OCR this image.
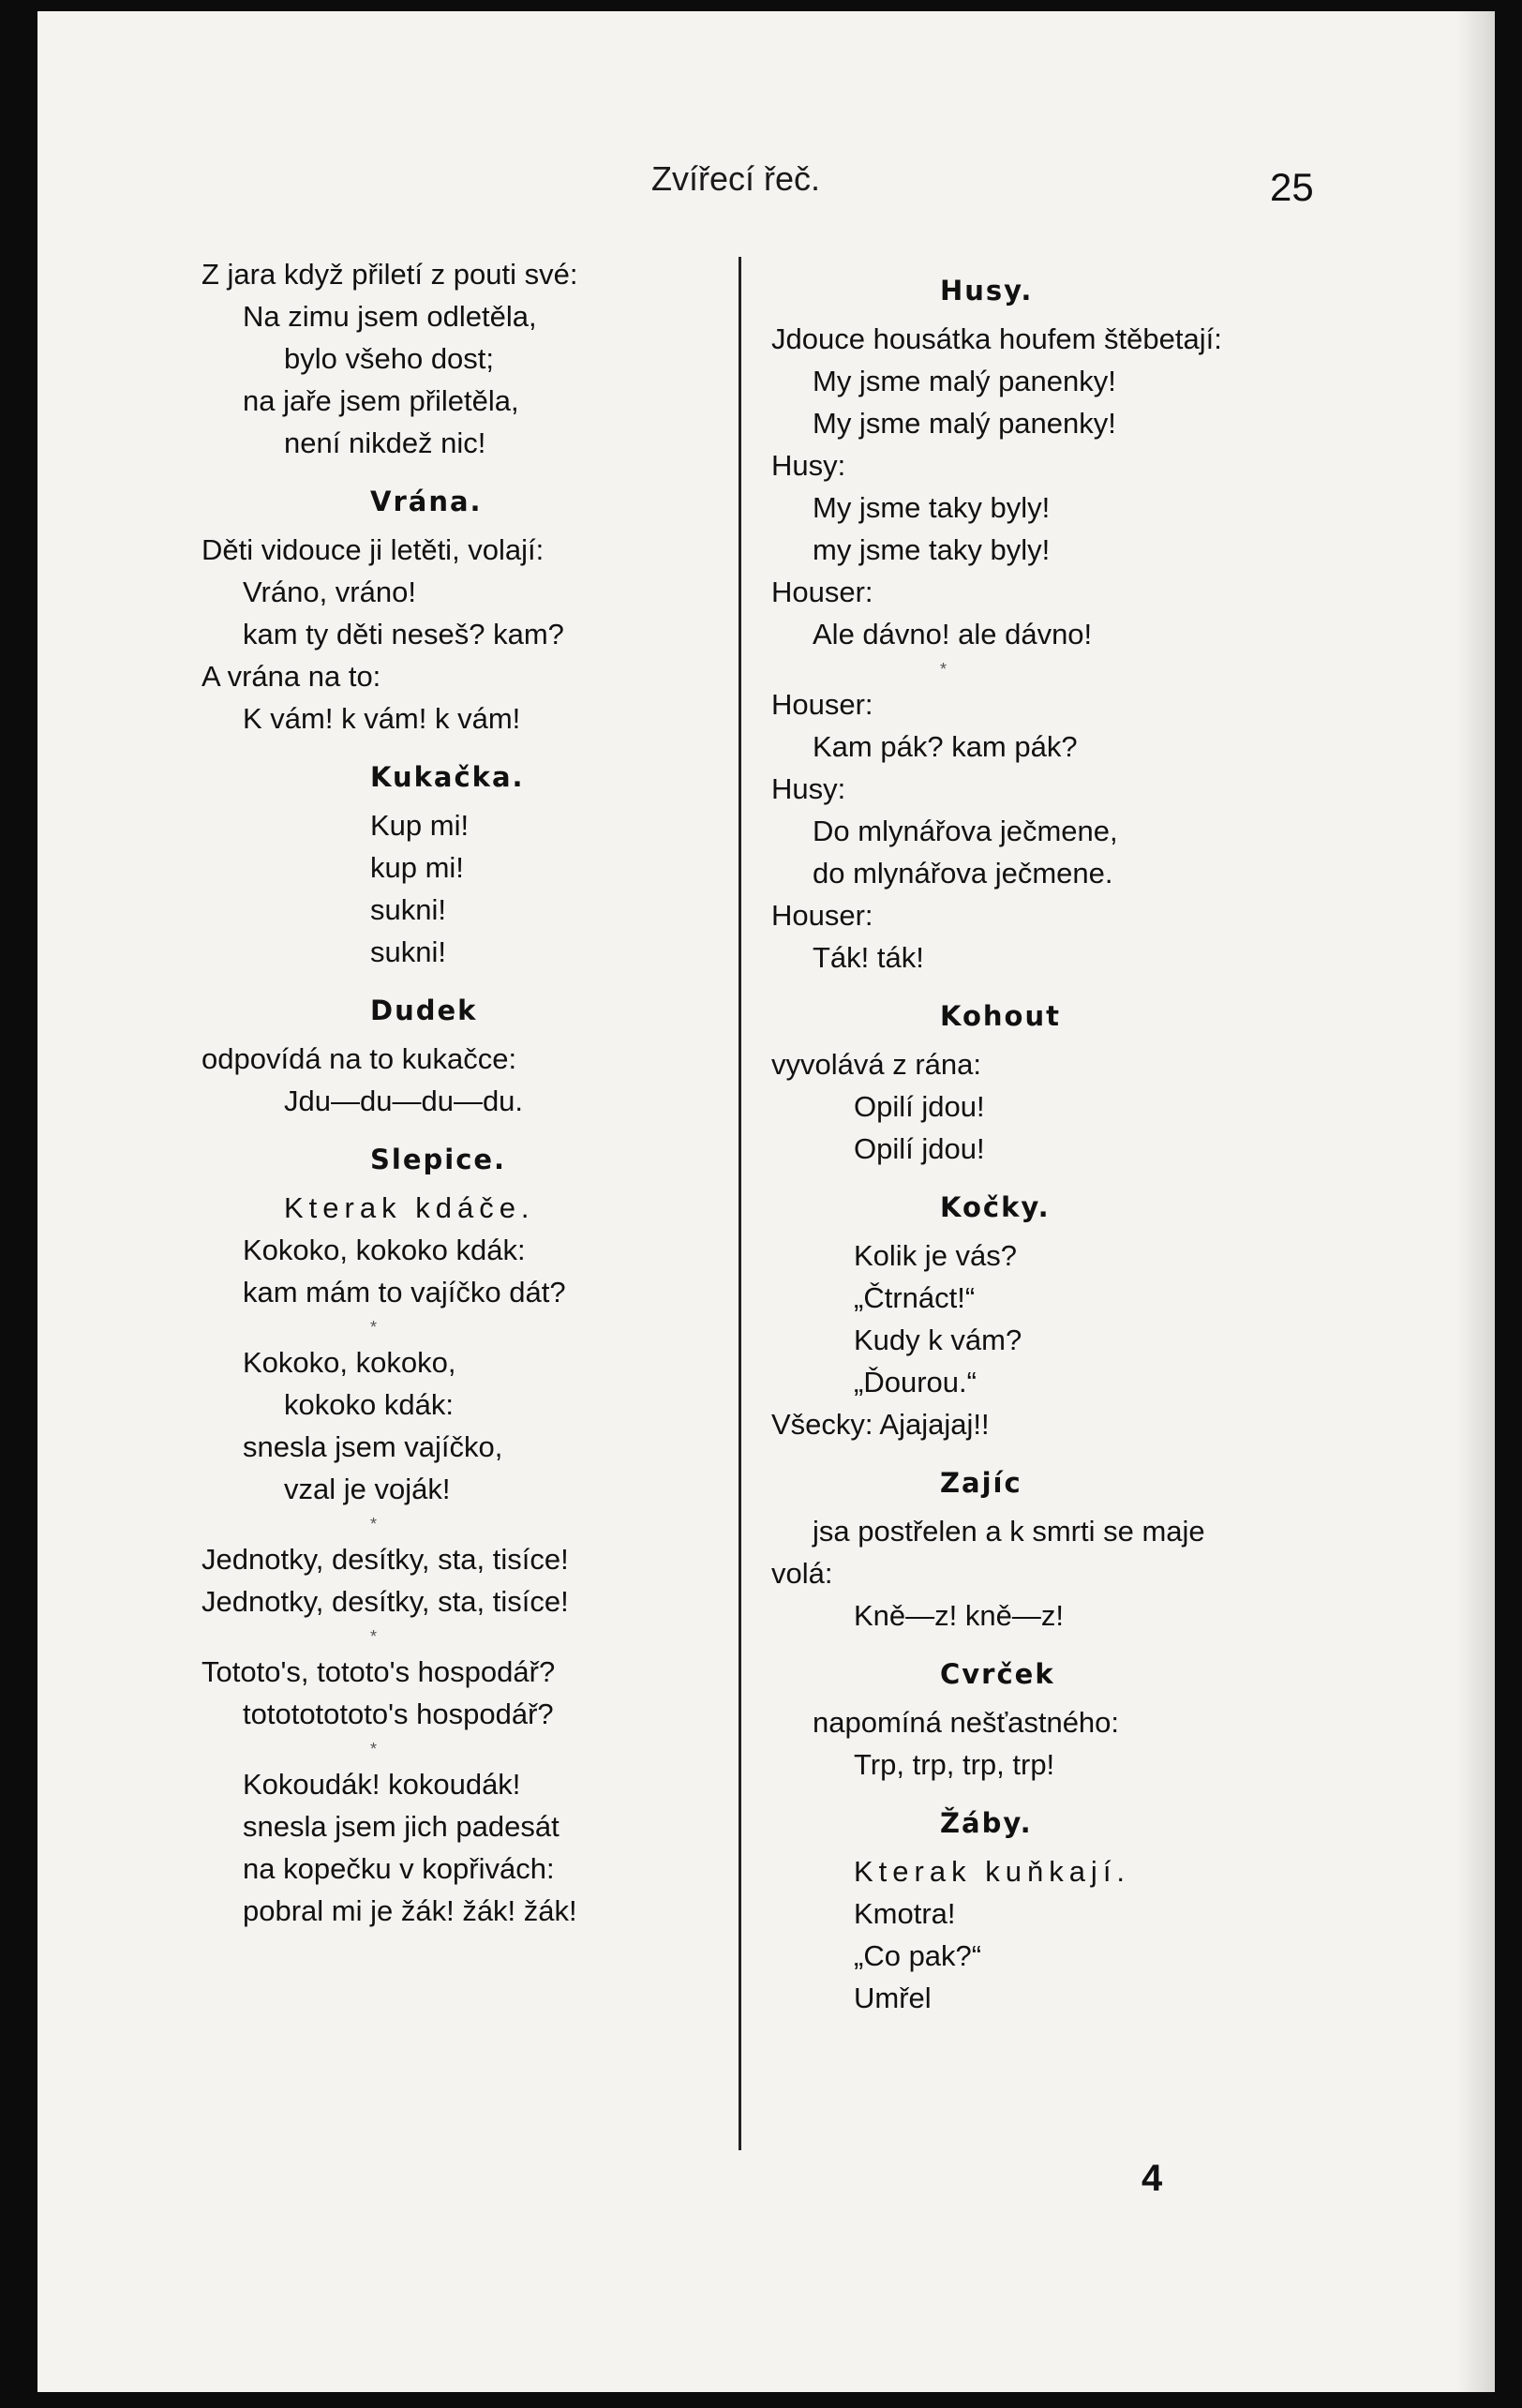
Zvířecí řeč.	25
Z jara když přiletí z pouti své:
Na zimu jsem odletěla,
bylo všeho dost;
na jaře jsem přiletěla,
není nikdež nic!
Vrána.
Děti vidouce ji letěti, volají:
Vráno, vráno!
kam ty děti neseš? kam?
A vrána na to:
K vám! k vám! k vám!
Kukačka.
Kup mi!
kup mi!
sukni!
sukni!
Dudek
odpovídá na to kukačce:
Jdu—du—du—du.
Slepice.
Kterak kdáče.
Kokoko, kokoko kdák:
kam mám to vajíčko dát?
*
Kokoko, kokoko,
kokoko kdák:
snesla jsem vajíčko,
vzal je voják!
*
Jednotky, desítky, sta, tisíce!
Jednotky, desítky, sta, tisíce!
*
Tototo's, tototo's hospodář?
totototototo's hospodář?
*
Kokoudák! kokoudák!
snesla jsem jich padesát
na kopečku v kopřivách:
pobral mi je žák! žák! žák!
Husy.
Jdouce housátka houfem štěbetají:
My jsme malý panenky!
My jsme malý panenky!
Husy:
My jsme taky byly!
my jsme taky byly!
Houser:
Ale dávno! ale dávno!
*
Houser:
Kam pák? kam pák?
Husy:
Do mlynářova ječmene,
do mlynářova ječmene.
Houser:
Ták! ták!
Kohout
vyvolává z rána:
Opilí jdou!
Opilí jdou!
Kočky.
Kolik je vás?
„Čtrnáct!“
Kudy k vám?
„Ďourou.“
Všecky: Ajajajaj!!
Zajíc
jsa postřelen a k smrti se maje
volá:
Kně—z! kně—z!
Cvrček
napomíná nešťastného:
Trp, trp, trp, trp!
Žáby.
Kterak kuňkají.
Kmotra!
„Co pak?“
Umřel
4
